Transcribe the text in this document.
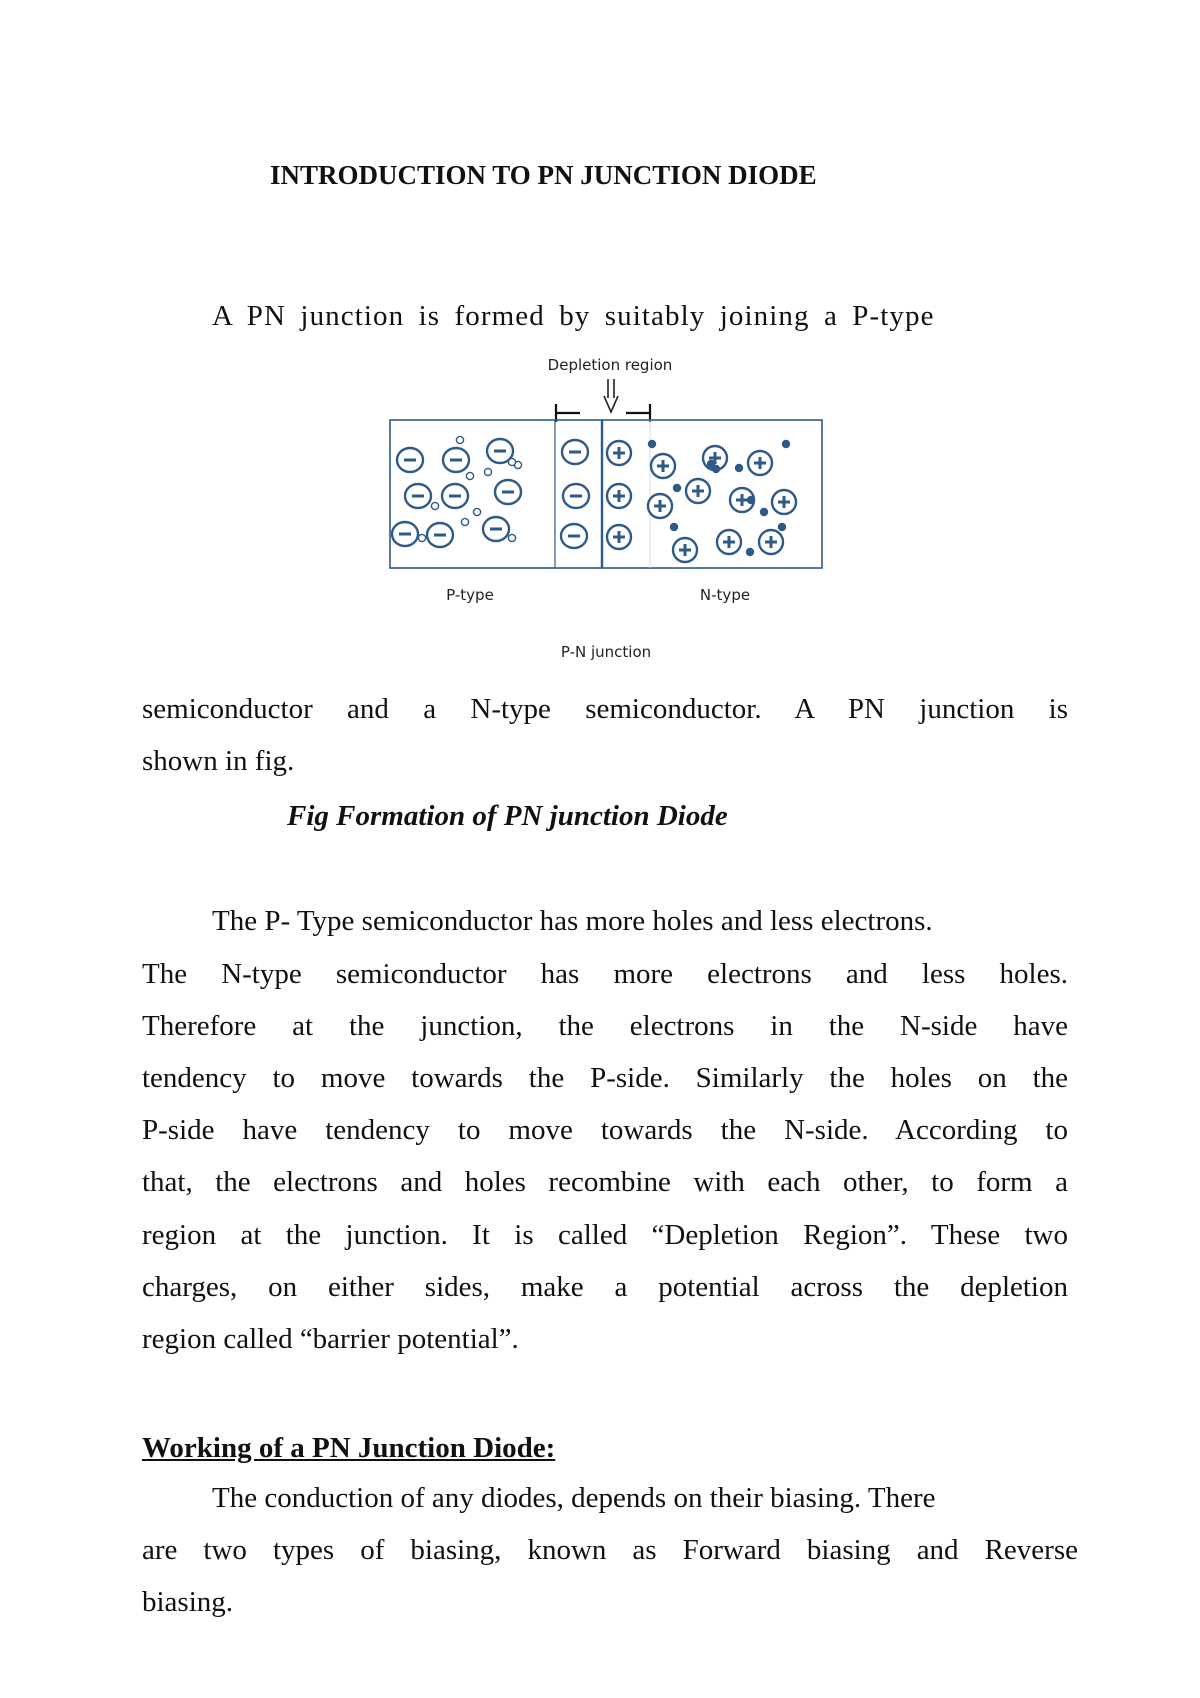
INTRODUCTION TO PN JUNCTION DIODE
A PN junction is formed by suitably joining a P-type
Depletion region
P-type	N-type
P-N junction
semiconductor and a N-type semiconductor. A PN junction is
shown in fig.
Fig Formation of PN junction Diode
The P- Type semiconductor has more holes and less electrons.
The N-type semiconductor has more electrons and less holes.
Therefore at the junction, the electrons in the N-side have
tendency to move towards the P-side. Similarly the holes on the
P-side have tendency to move towards the N-side. According to
that, the electrons and holes recombine with each other, to form a
region at the junction. It is called “Depletion Region”. These two
charges, on either sides, make a potential across the depletion
region called “barrier potential”.
Working of a PN Junction Diode:
The conduction of any diodes, depends on their biasing. There
are two types of biasing, known as Forward biasing and Reverse
biasing.
